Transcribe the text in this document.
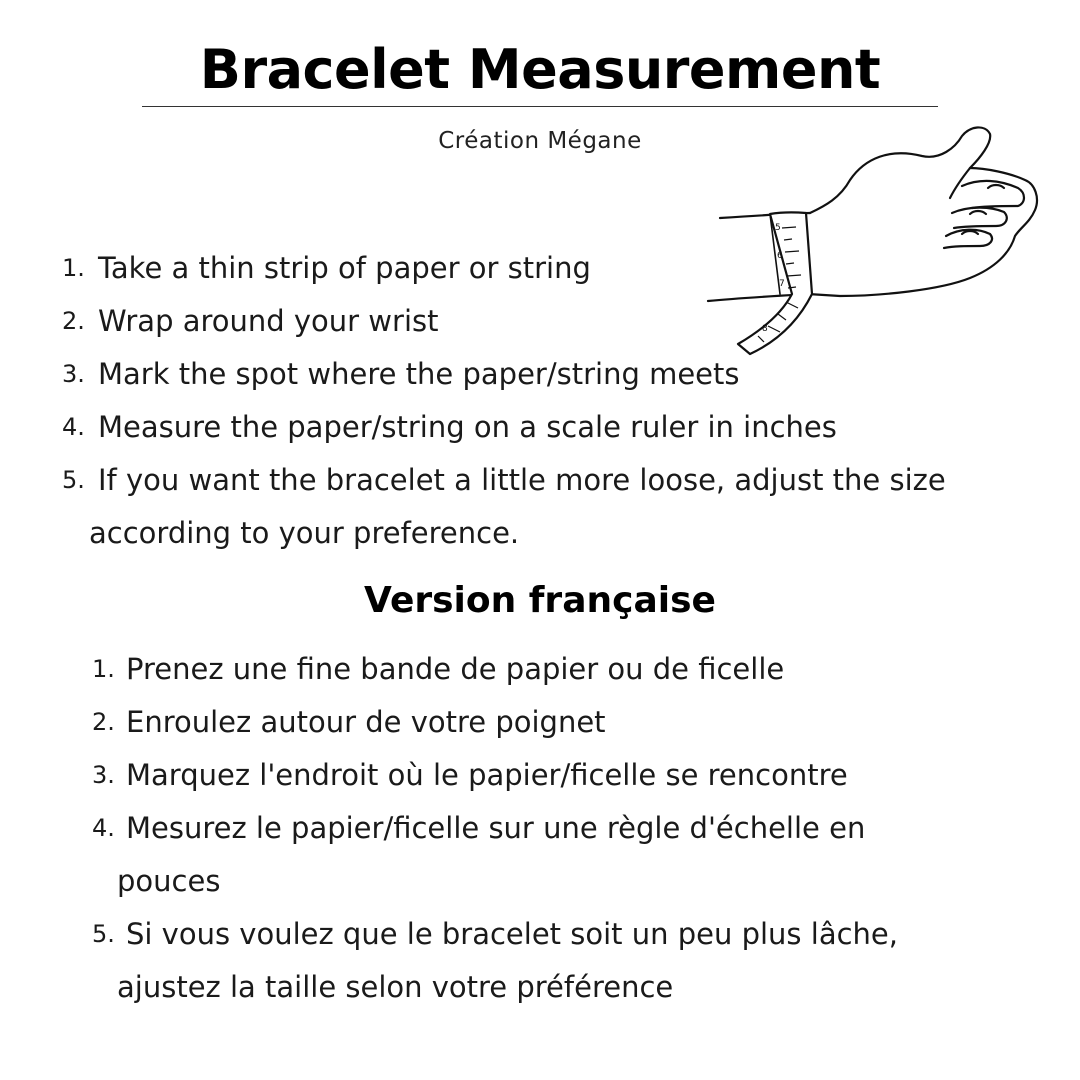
Bracelet Measurement
Création Mégane
5
6
7
8
1. Take a thin strip of paper or string
2. Wrap around your wrist
3. Mark the spot where the paper/string meets
4. Measure the paper/string on a scale ruler in inches
5. If you want the bracelet a little more loose, adjust the size
according to your preference.
Version française
1. Prenez une fine bande de papier ou de ficelle
2. Enroulez autour de votre poignet
3. Marquez l'endroit où le papier/ficelle se rencontre
4. Mesurez le papier/ficelle sur une règle d'échelle en
pouces
5. Si vous voulez que le bracelet soit un peu plus lâche,
ajustez la taille selon votre préférence
